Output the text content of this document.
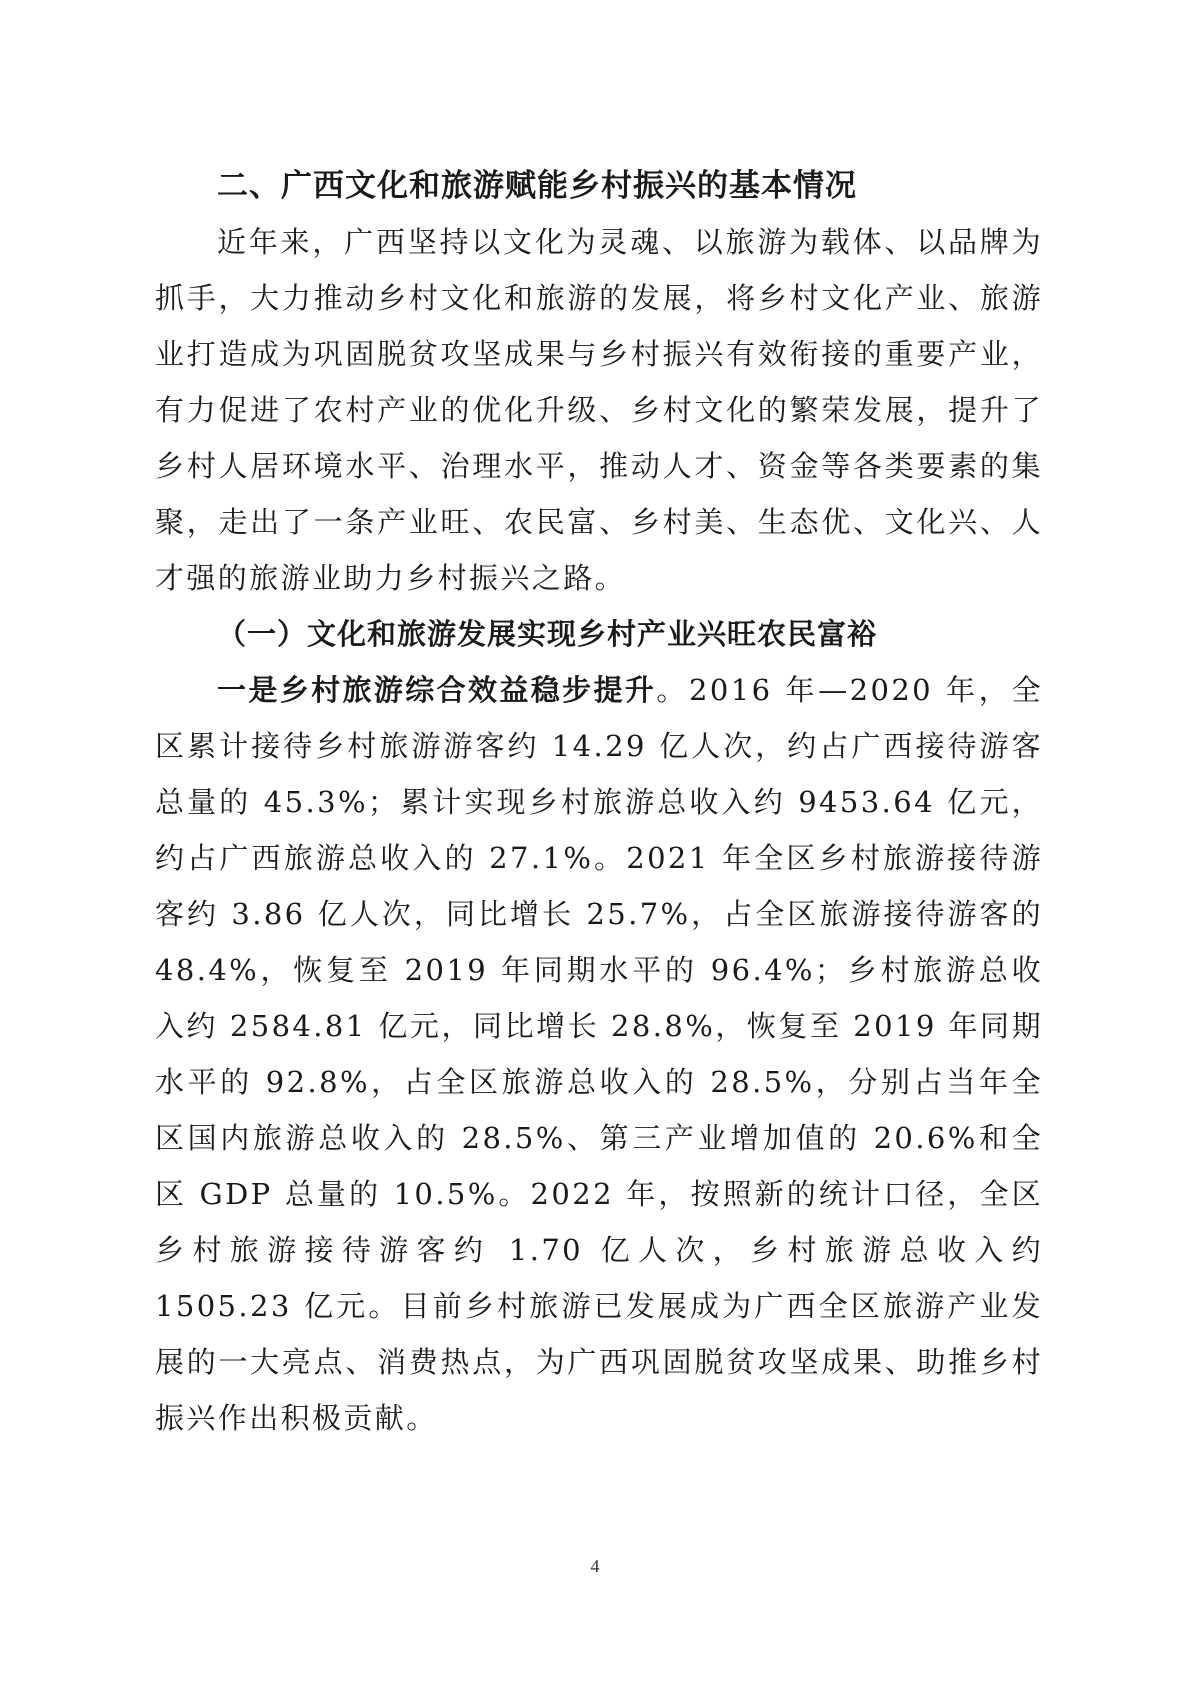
二、广西文化和旅游赋能乡村振兴的基本情况

近年来，广西坚持以文化为灵魂、以旅游为载体、以品牌为抓手，大力推动乡村文化和旅游的发展，将乡村文化产业、旅游业打造成为巩固脱贫攻坚成果与乡村振兴有效衔接的重要产业，有力促进了农村产业的优化升级、乡村文化的繁荣发展，提升了乡村人居环境水平、治理水平，推动人才、资金等各类要素的集聚，走出了一条产业旺、农民富、乡村美、生态优、文化兴、人才强的旅游业助力乡村振兴之路。

（一）文化和旅游发展实现乡村产业兴旺农民富裕

一是乡村旅游综合效益稳步提升。2016 年—2020 年，全区累计接待乡村旅游游客约 14.29 亿人次，约占广西接待游客总量的 45.3%；累计实现乡村旅游总收入约 9453.64 亿元，约占广西旅游总收入的 27.1%。2021 年全区乡村旅游接待游客约 3.86 亿人次，同比增长 25.7%，占全区旅游接待游客的 48.4%，恢复至 2019 年同期水平的 96.4%；乡村旅游总收入约 2584.81 亿元，同比增长 28.8%，恢复至 2019 年同期水平的 92.8%，占全区旅游总收入的 28.5%，分别占当年全区国内旅游总收入的 28.5%、第三产业增加值的 20.6%和全区 GDP 总量的 10.5%。2022 年，按照新的统计口径，全区乡村旅游接待游客约 1.70 亿人次，乡村旅游总收入约 1505.23 亿元。目前乡村旅游已发展成为广西全区旅游产业发展的一大亮点、消费热点，为广西巩固脱贫攻坚成果、助推乡村振兴作出积极贡献。

4
